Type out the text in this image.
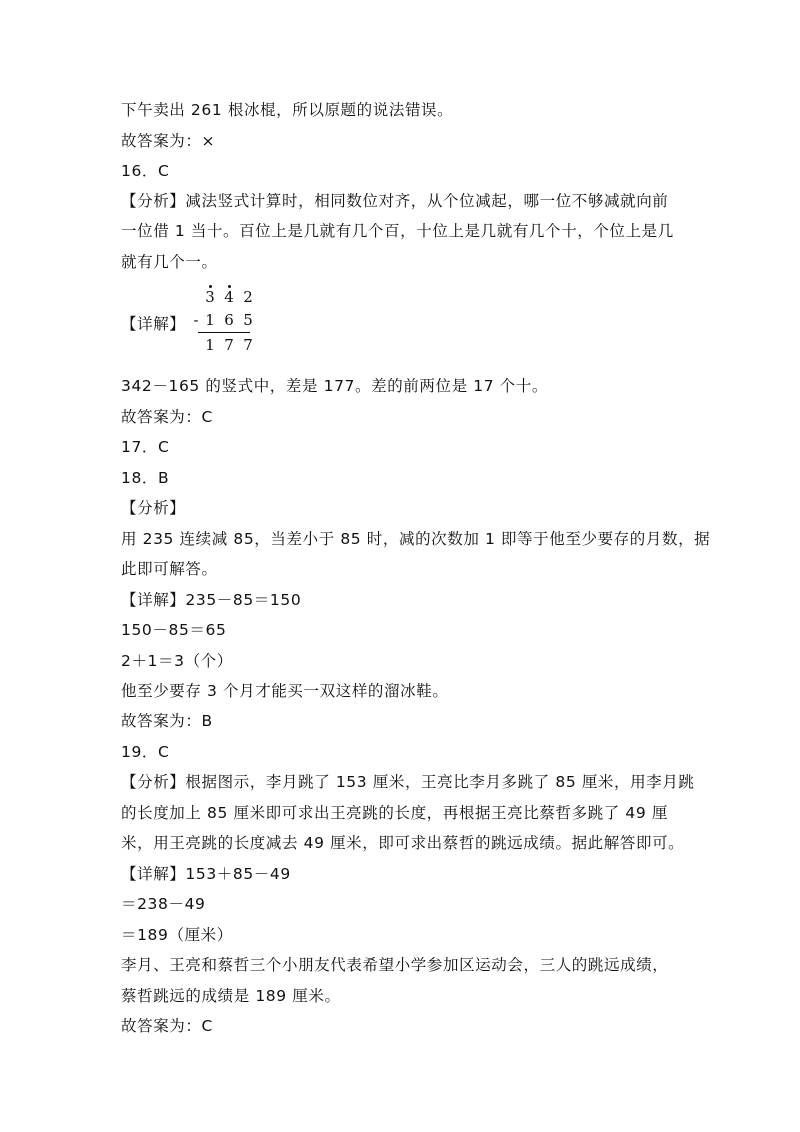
下午卖出 261 根冰棍，所以原题的说法错误。
故答案为：×
16．C
【分析】减法竖式计算时，相同数位对齐，从个位减起，哪一位不够减就向前
一位借 1 当十。百位上是几就有几个百，十位上是几就有几个十，个位上是几
就有几个一。
【详解】
3 4 2
- 1 6 5
1 7 7
342－165 的竖式中，差是 177。差的前两位是 17 个十。
故答案为：C
17．C
18．B
【分析】
用 235 连续减 85，当差小于 85 时，减的次数加 1 即等于他至少要存的月数，据
此即可解答。
【详解】235－85＝150
150－85＝65
2＋1＝3（个）
他至少要存 3 个月才能买一双这样的溜冰鞋。
故答案为：B
19．C
【分析】根据图示，李月跳了 153 厘米，王亮比李月多跳了 85 厘米，用李月跳
的长度加上 85 厘米即可求出王亮跳的长度，再根据王亮比蔡哲多跳了 49 厘
米，用王亮跳的长度减去 49 厘米，即可求出蔡哲的跳远成绩。据此解答即可。
【详解】153＋85－49
＝238－49
＝189（厘米）
李月、王亮和蔡哲三个小朋友代表希望小学参加区运动会，三人的跳远成绩，
蔡哲跳远的成绩是 189 厘米。
故答案为：C
